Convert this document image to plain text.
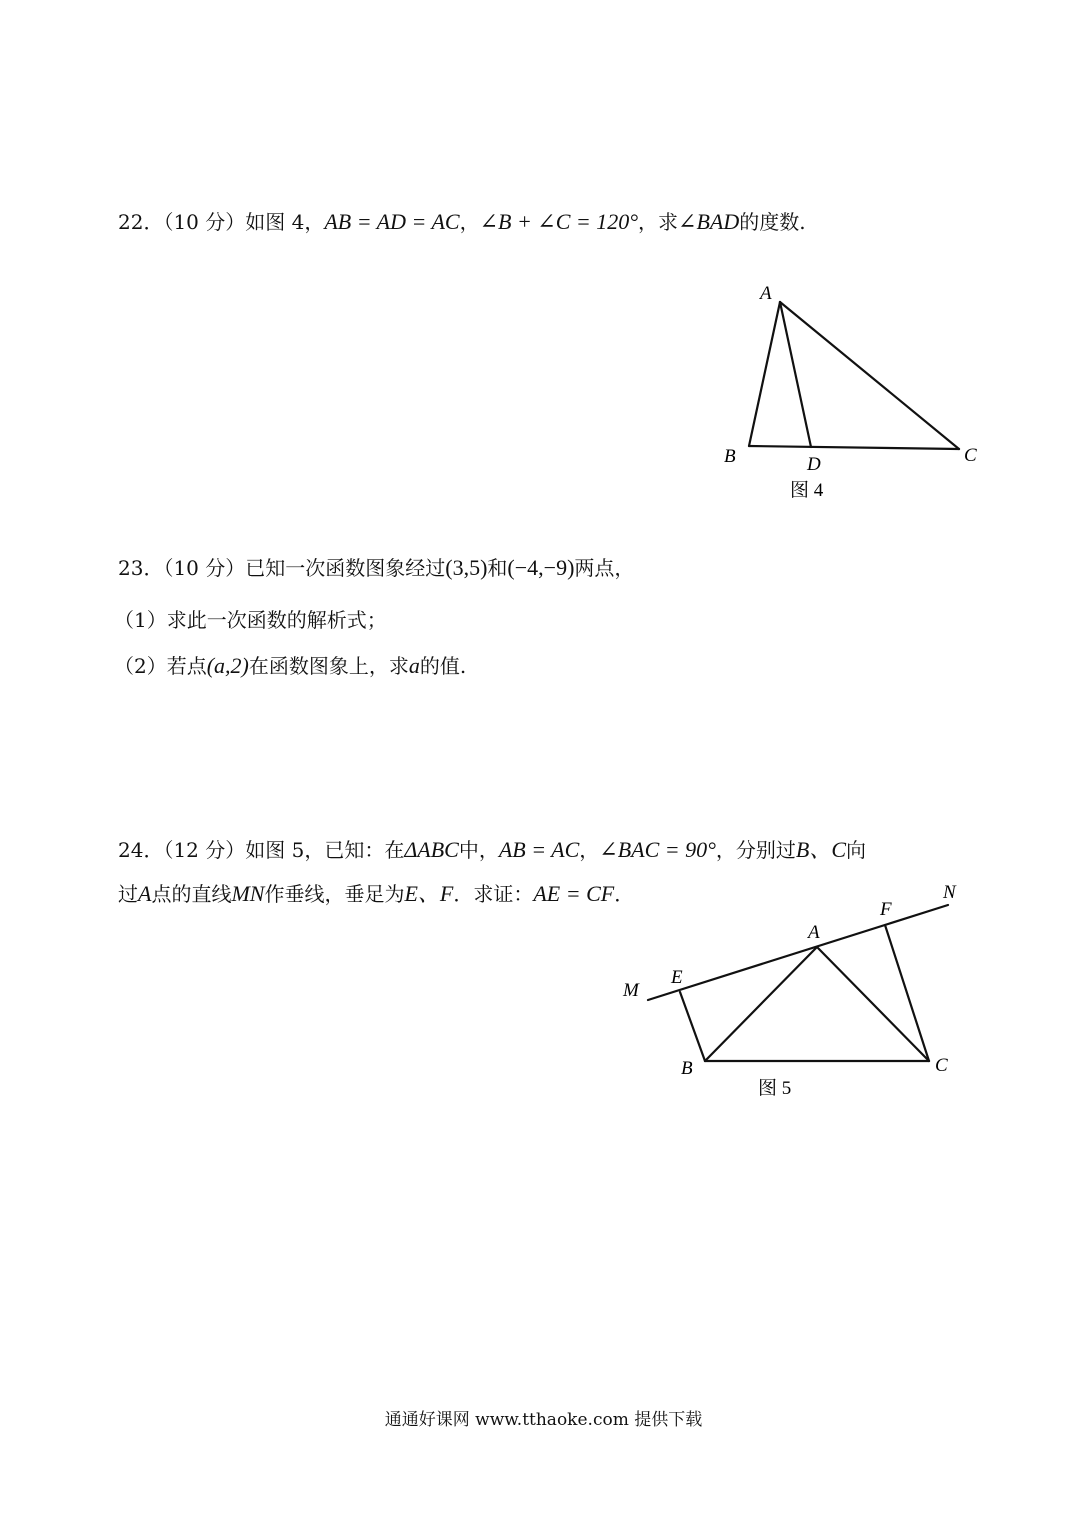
22．（10 分）如图 4，AB = AD = AC，∠B + ∠C = 120°，求∠BAD的度数.
A
B	D	C
图 4
23．（10 分）已知一次函数图象经过(3,5)和(−4,−9)两点，
（1）求此一次函数的解析式；
（2）若点(a,2)在函数图象上，求a的值.
24．（12 分）如图 5，已知：在ΔABC中，AB = AC，∠BAC = 90°，分别过B、C向
过A点的直线MN作垂线，垂足为E、F．求证：AE = CF．	N
F
A
E
M
B	C
图 5
通通好课网 www.tthaoke.com 提供下载
